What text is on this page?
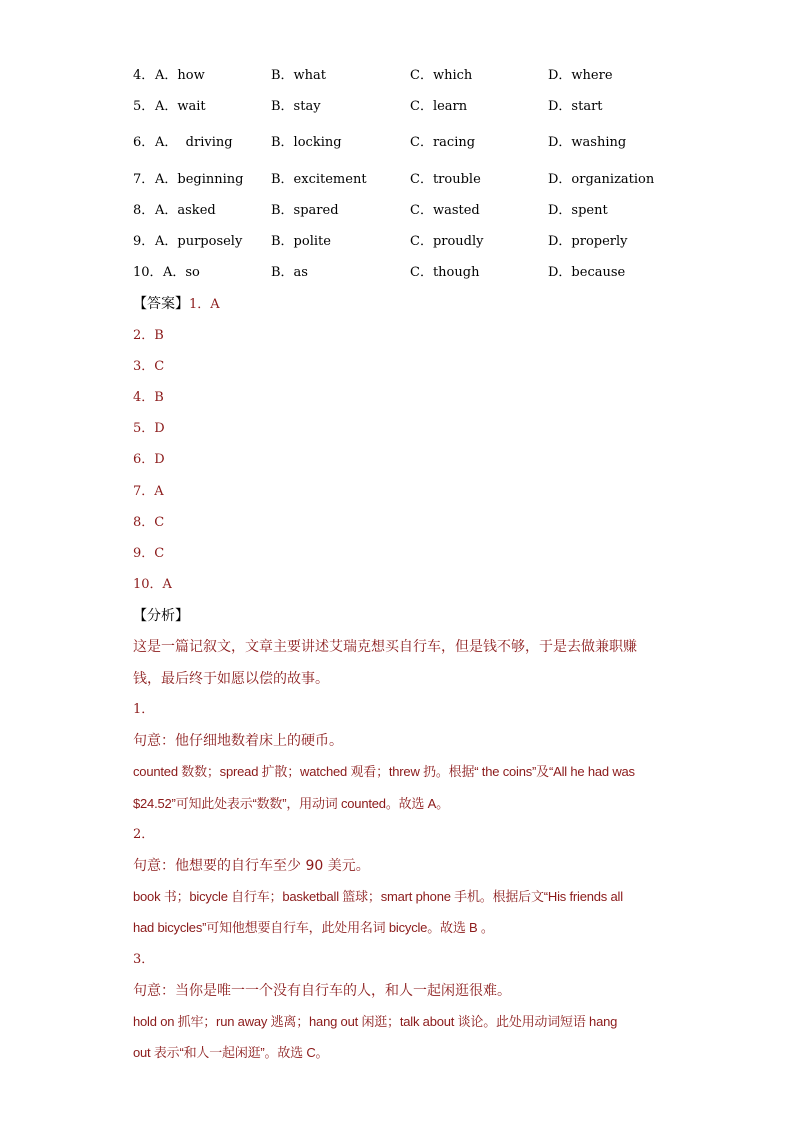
4． A．how	B．what	C．which	D．where
5． A．wait	B．stay	C．learn	D．start
6． A．  driving	B．locking	C．racing	D．washing
7． A．beginning B．excitement	C．trouble	D．organization
8． A．asked	B．spared	C．wasted	D．spent
9． A．purposely B．polite	C．proudly	D．properly
10． A．so	B．as	C．though	D．because
【答案】1．A
2．B
3．C
4．B
5．D
6．D
7．A
8．C
9．C
10．A
【分析】
这是一篇记叙文，文章主要讲述艾瑞克想买自行车，但是钱不够，于是去做兼职赚
钱，最后终于如愿以偿的故事。
1．
句意：他仔细地数着床上的硬币。
counted 数数；spread 扩散；watched 观看；threw 扔。根据“ the coins”及“All he had was
$24.52”可知此处表示“数数”，用动词 counted。故选 A。
2．
句意：他想要的自行车至少 90 美元。
book 书；bicycle 自行车；basketball 篮球；smart phone 手机。根据后文“His friends all
had bicycles”可知他想要自行车，此处用名词 bicycle。故选 B 。
3．
句意：当你是唯一一个没有自行车的人，和人一起闲逛很难。
hold on 抓牢；run away 逃离；hang out 闲逛；talk about 谈论。此处用动词短语 hang
out 表示“和人一起闲逛”。故选 C。
